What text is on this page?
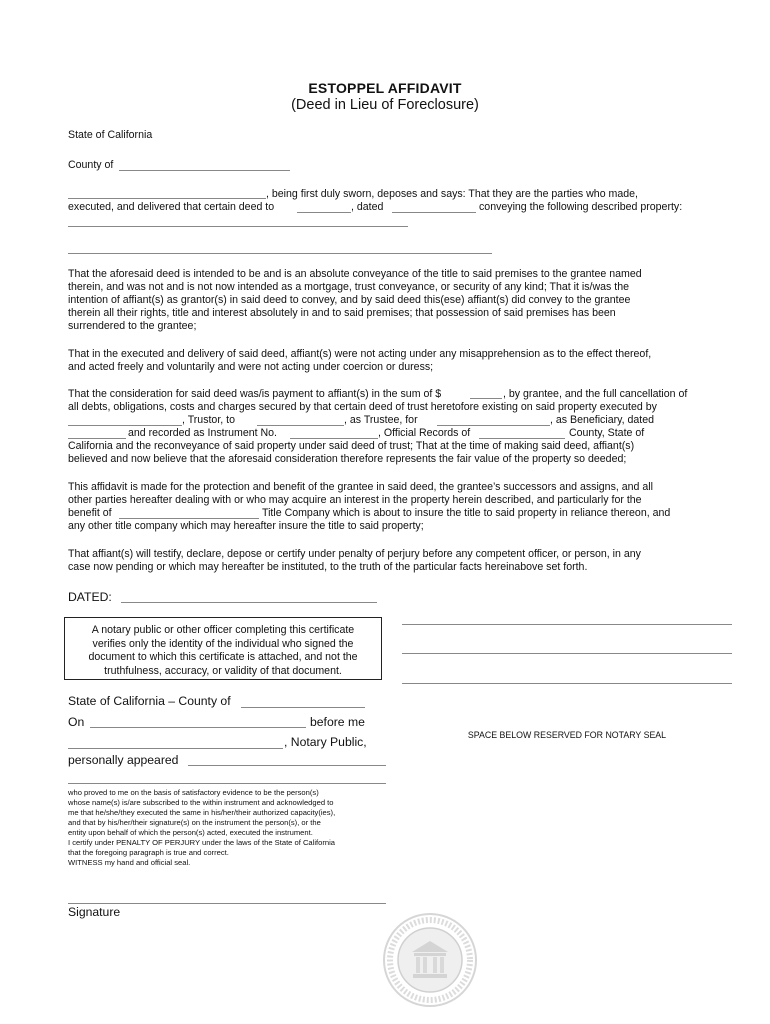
ESTOPPEL AFFIDAVIT
(Deed in Lieu of Foreclosure)
State of California
County of
, being first duly sworn, deposes and says: That they are the parties who made,
executed, and delivered that certain deed to	, dated	conveying the following described property:

That the aforesaid deed is intended to be and is an absolute conveyance of the title to said premises to the grantee named

therein, and was not and is not now intended as a mortgage, trust conveyance, or security of any kind; That it is/was the

intention of affiant(s) as grantor(s) in said deed to convey, and by said deed this(ese) affiant(s) did convey to the grantee

therein all their rights, title and interest absolutely in and to said premises; that possession of said premises has been

surrendered to the grantee;

That in the executed and delivery of said deed, affiant(s) were not acting under any misapprehension as to the effect thereof,

and acted freely and voluntarily and were not acting under coercion or duress;

That the consideration for said deed was/is payment to affiant(s) in the sum of $	, by grantee, and the full cancellation of
all debts, obligations, costs and charges secured by that certain deed of trust heretofore existing on said property executed by
, Trustor, to	, as Trustee, for	, as Beneficiary, dated
and recorded as Instrument No.	, Official Records of	County, State of
California and the reconveyance of said property under said deed of trust; That at the time of making said deed, affiant(s)
believed and now believe that the aforesaid consideration therefore represents the fair value of the property so deeded;
This affidavit is made for the protection and benefit of the grantee in said deed, the grantee’s successors and assigns, and all
other parties hereafter dealing with or who may acquire an interest in the property herein described, and particularly for the
benefit of	Title Company which is about to insure the title to said property in reliance thereon, and
any other title company which may hereafter insure the title to said property;

That affiant(s) will testify, declare, depose or certify under penalty of perjury before any competent officer, or person, in any

case now pending or which may hereafter be instituted, to the truth of the particular facts hereinabove set forth.

DATED:
A notary public or other officer completing this certificate
verifies only the identity of the individual who signed the
document to which this certificate is attached, and not the
truthfulness, accuracy, or validity of that document.
State of California – County of
On	before me
, Notary Public,
personally appeared
SPACE BELOW RESERVED FOR NOTARY SEAL
who proved to me on the basis of satisfactory evidence to be the person(s)
whose name(s) is/are subscribed to the within instrument and acknowledged to
me that he/she/they executed the same in his/her/their authorized capacity(ies),
and that by his/her/their signature(s) on the instrument the person(s), or the
entity upon behalf of which the person(s) acted, executed the instrument.
I certify under PENALTY OF PERJURY under the laws of the State of California
that the foregoing paragraph is true and correct.
WITNESS my hand and official seal.
Signature
